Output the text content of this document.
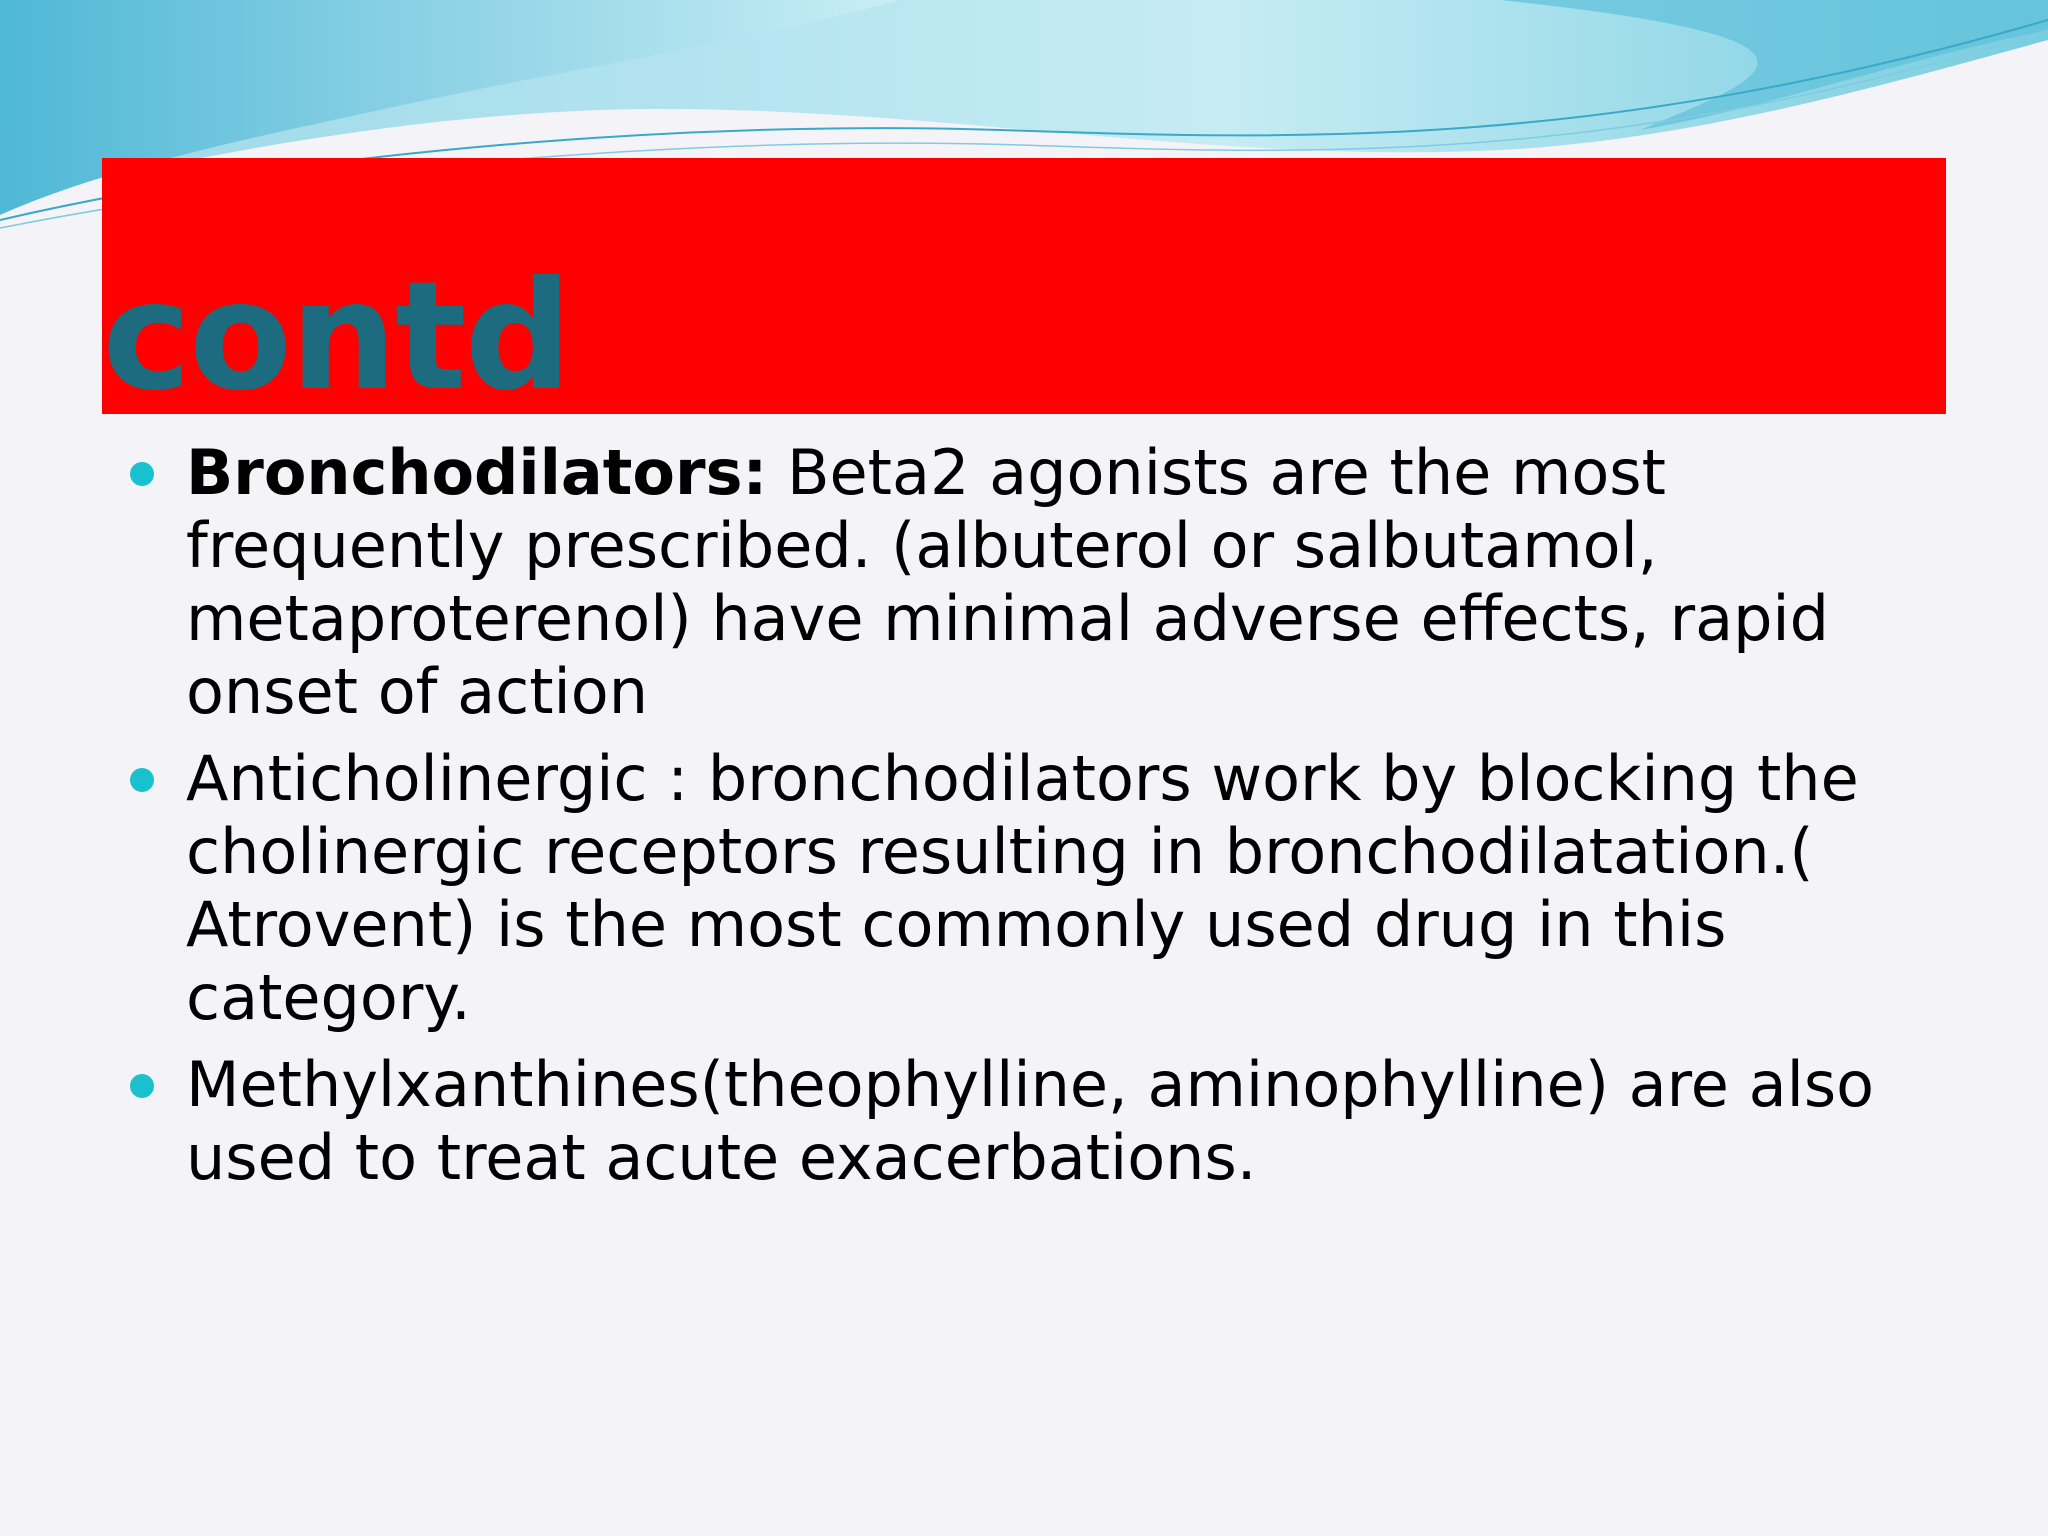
contd
Bronchodilators: Beta2 agonists are the most frequently prescribed. (albuterol or salbutamol, metaproterenol) have minimal adverse effects, rapid onset of action
Anticholinergic : bronchodilators work by blocking the cholinergic receptors resulting in bronchodilatation.( Atrovent) is the most commonly used drug in this category.
Methylxanthines(theophylline, aminophylline) are also used to treat acute exacerbations.
